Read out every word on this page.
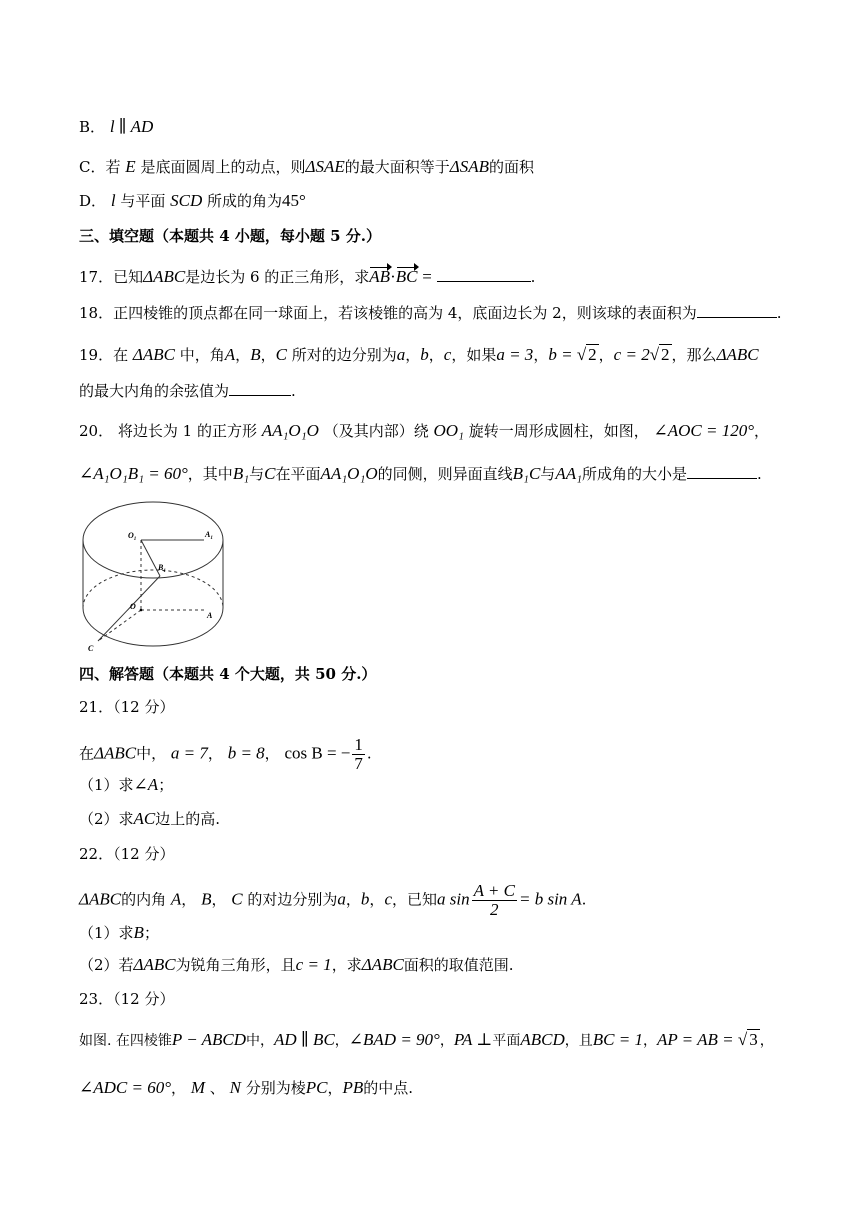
B． l ∥ AD
C．若 E 是底面圆周上的动点，则ΔSAE的最大面积等于ΔSAB的面积
D． l 与平面 SCD 所成的角为45°
三、填空题（本题共 4 小题，每小题 5 分.）
17．已知ΔABC是边长为 6 的正三角形，求AB·BC =	.
18．正四棱锥的顶点都在同一球面上，若该棱锥的高为 4，底面边长为 2，则该球的表面积为	.
19．在 ΔABC 中，角A，B，C 所对的边分别为a，b，c，如果a = 3，b = √ 2 ，c = 2√ 2 ，那么ΔABC
的最大内角的余弦值为	.
20． 将边长为 1 的正方形 AA₁O₁O （及其内部）绕 OO₁ 旋转一周形成圆柱，如图， ∠AOC = 120°，
∠A₁O₁B₁ = 60°，其中B₁与C在平面AA₁O₁O的同侧，则异面直线B₁C与AA₁所成角的大小是	.
$O_1$
$A_1$
$B_1$
O
A
C
四、解答题（本题共 4 个大题，共 50 分.）
21．（12 分）
在ΔABC中， a = 7， b = 8， cos B = − $\frac{1}{7}$ .
（1）求∠A；
（2）求AC边上的高.
22．（12 分）
ΔABC的内角 A， B， C 的对边分别为a，b，c，已知a $\sin \frac{A + C}{2} = b$ sin A.
（1）求B；
（2）若ΔABC为锐角三角形，且c = 1，求ΔABC面积的取值范围.
23．（12 分）
如图. 在四棱锥P − ABCD中，AD ∥ BC，∠BAD = 90°，PA ⊥平面ABCD，且BC = 1，AP = AB = √ 3 ，
∠ADC = 60°， M 、 N 分别为棱PC，PB的中点.
